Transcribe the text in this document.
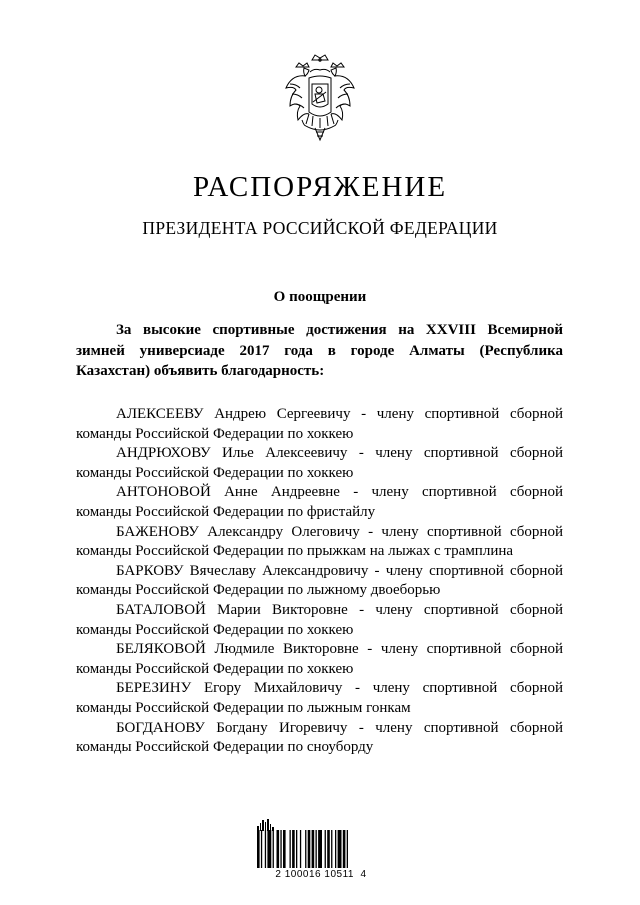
РАСПОРЯЖЕНИЕ
ПРЕЗИДЕНТА РОССИЙСКОЙ ФЕДЕРАЦИИ
О поощрении
За высокие спортивные достижения на XXVIII Всемирной зимней универсиаде 2017 года в городе Алматы (Республика Казахстан) объявить благодарность:
АЛЕКСЕЕВУ Андрею Сергеевичу - члену спортивной сборной команды Российской Федерации по хоккею
АНДРЮХОВУ Илье Алексеевичу - члену спортивной сборной команды Российской Федерации по хоккею
АНТОНОВОЙ Анне Андреевне - члену спортивной сборной команды Российской Федерации по фристайлу
БАЖЕНОВУ Александру Олеговичу - члену спортивной сборной команды Российской Федерации по прыжкам на лыжах с трамплина
БАРКОВУ Вячеславу Александровичу - члену спортивной сборной команды Российской Федерации по лыжному двоеборью
БАТАЛОВОЙ Марии Викторовне - члену спортивной сборной команды Российской Федерации по хоккею
БЕЛЯКОВОЙ Людмиле Викторовне - члену спортивной сборной команды Российской Федерации по хоккею
БЕРЕЗИНУ Егору Михайловичу - члену спортивной сборной команды Российской Федерации по лыжным гонкам
БОГДАНОВУ Богдану Игоревичу - члену спортивной сборной команды Российской Федерации по сноуборду
2 100016 10511  4
